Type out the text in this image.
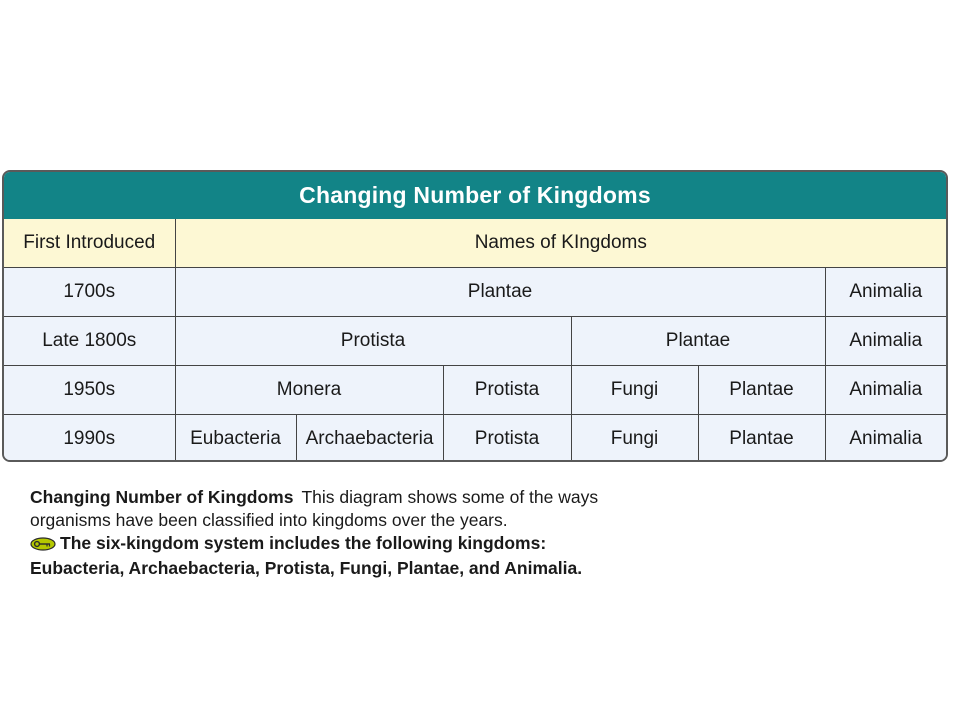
Changing Number of Kingdoms
First Introduced	Names of KIngdoms					
1700s	Plantae					Animalia
Late 1800s	Protista			Plantae		Animalia
1950s	Monera		Protista	Fungi	Plantae	Animalia
1990s	Eubacteria	Archaebacteria	Protista	Fungi	Plantae	Animalia
Changing Number of Kingdoms This diagram shows some of the ways organisms have been classified into kingdoms over the years.
The six-kingdom system includes the following kingdoms: Eubacteria, Archaebacteria, Protista, Fungi, Plantae, and Animalia.
